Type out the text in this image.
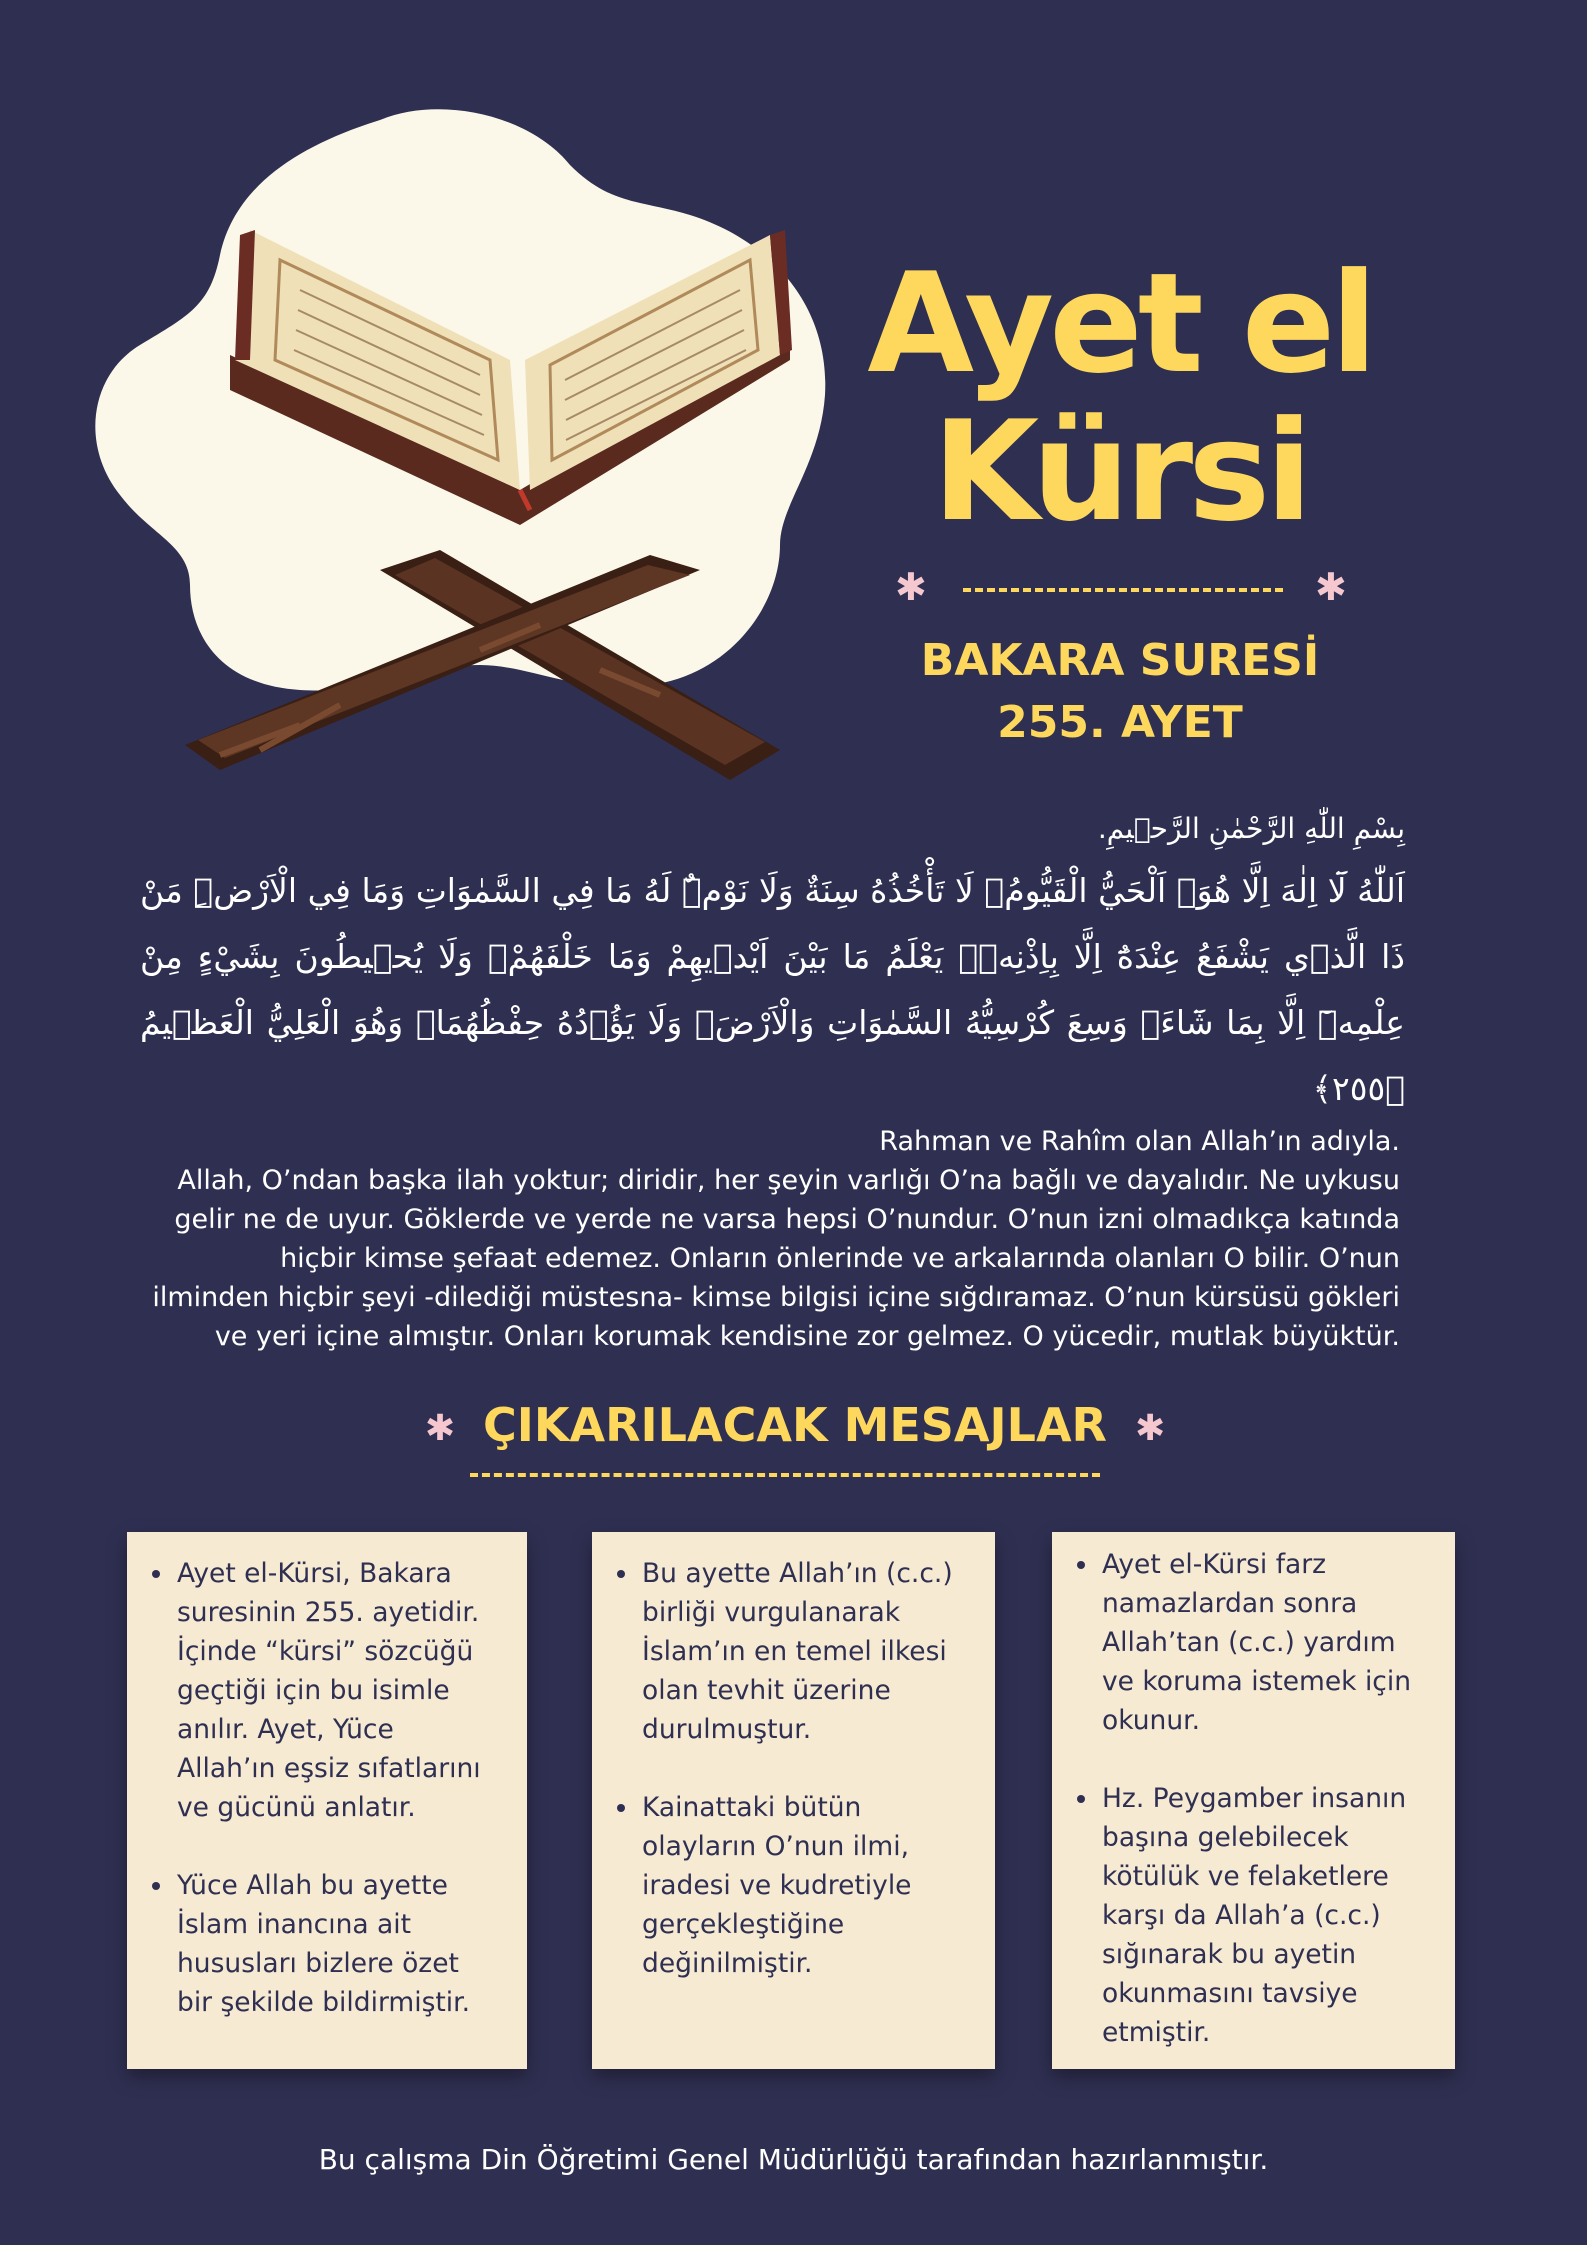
Ayet el

Kürsi
✱	✱
BAKARA SURESİ
255. AYET
بِسْمِ اللّٰهِ الرَّحْمٰنِ الرَّح۪يمِ.
اَللّٰهُ لَٓا اِلٰهَ اِلَّا هُوَۚ اَلْحَيُّ الْقَيُّومُۚ لَا تَأْخُذُهُ سِنَةٌ وَلَا نَوْمٌۜ لَهُ مَا فِي السَّمٰوَاتِ وَمَا فِي الْاَرْضِۜ مَنْ ذَا الَّذ۪ي يَشْفَعُ عِنْدَهُٓ اِلَّا بِاِذْنِه۪ۜ يَعْلَمُ مَا بَيْنَ اَيْد۪يهِمْ وَمَا خَلْفَهُمْۚ وَلَا يُح۪يطُونَ بِشَيْءٍ مِنْ عِلْمِه۪ٓ اِلَّا بِمَا شَٓاءَۚ وَسِعَ كُرْسِيُّهُ السَّمٰوَاتِ وَالْاَرْضَۚ وَلَا يَؤُ۫دُهُ حِفْظُهُمَاۚ وَهُوَ الْعَلِيُّ الْعَظ۪يمُ ﴿٢٥٥﴾
Rahman ve Rahîm olan Allah’ın adıyla.
Allah, O’ndan başka ilah yoktur; diridir, her şeyin varlığı O’na bağlı ve dayalıdır. Ne uykusu
gelir ne de uyur. Göklerde ve yerde ne varsa hepsi O’nundur. O’nun izni olmadıkça katında
hiçbir kimse şefaat edemez. Onların önlerinde ve arkalarında olanları O bilir. O’nun
ilminden hiçbir şeyi -dilediği müstesna- kimse bilgisi içine sığdıramaz. O’nun kürsüsü gökleri
ve yeri içine almıştır. Onları korumak kendisine zor gelmez. O yücedir, mutlak büyüktür.
✱ ÇIKARILACAK MESAJLAR ✱
• Ayet el-Kürsi, Bakara suresinin 255. ayetidir. İçinde “kürsi” sözcüğü geçtiği için bu isimle anılır. Ayet, Yüce Allah’ın eşsiz sıfatlarını ve gücünü anlatır.
• Yüce Allah bu ayette İslam inancına ait hususları bizlere özet bir şekilde bildirmiştir.
• Bu ayette Allah’ın (c.c.) birliği vurgulanarak İslam’ın en temel ilkesi olan tevhit üzerine durulmuştur.
• Kainattaki bütün olayların O’nun ilmi, iradesi ve kudretiyle gerçekleştiğine değinilmiştir.
• Ayet el-Kürsi farz namazlardan sonra Allah’tan (c.c.) yardım ve koruma istemek için okunur.
• Hz. Peygamber insanın başına gelebilecek kötülük ve felaketlere karşı da Allah’a (c.c.) sığınarak bu ayetin okunmasını tavsiye etmiştir.
Bu çalışma Din Öğretimi Genel Müdürlüğü tarafından hazırlanmıştır.
